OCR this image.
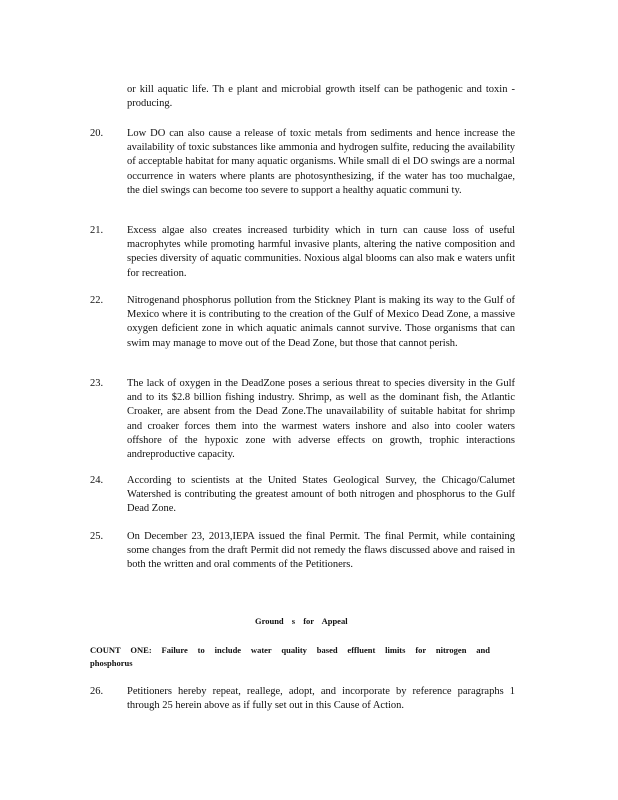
or kill aquatic life. Th e plant and microbial growth itself can be pathogenic and toxin -producing.
20. Low DO can also cause a release of toxic metals from sediments and hence increase the availability of toxic substances like ammonia and hydrogen sulfite, reducing the availability of acceptable habitat for many aquatic organisms. While small di el DO swings are a normal occurrence in waters where plants are photosynthesizing, if the water has too muchalgae, the diel swings can become too severe to support a healthy aquatic communi ty.
21. Excess algae also creates increased turbidity which in turn can cause loss of useful macrophytes while promoting harmful invasive plants, altering the native composition and species diversity of aquatic communities. Noxious algal blooms can also mak e waters unfit for recreation.
22. Nitrogenand phosphorus pollution from the Stickney Plant is making its way to the Gulf of Mexico where it is contributing to the creation of the Gulf of Mexico Dead Zone, a massive oxygen deficient zone in which aquatic animals cannot survive. Those organisms that can swim may manage to move out of the Dead Zone, but those that cannot perish.
23. The lack of oxygen in the DeadZone poses a serious threat to species diversity in the Gulf and to its $2.8 billion fishing industry. Shrimp, as well as the dominant fish, the Atlantic Croaker, are absent from the Dead Zone.The unavailability of suitable habitat for shrimp and croaker forces them into the warmest waters inshore and also into cooler waters offshore of the hypoxic zone with adverse effects on growth, trophic interactions andreproductive capacity.
24. According to scientists at the United States Geological Survey, the Chicago/Calumet Watershed is contributing the greatest amount of both nitrogen and phosphorus to the Gulf Dead Zone.
25. On December 23, 2013,IEPA issued the final Permit. The final Permit, while containing some changes from the draft Permit did not remedy the flaws discussed above and raised in both the written and oral comments of the Petitioners.
Ground s for Appeal
COUNT ONE: Failure to include water quality based effluent limits for nitrogen and phosphorus
26. Petitioners hereby repeat, reallege, adopt, and incorporate by reference paragraphs 1 through 25 herein above as if fully set out in this Cause of Action.
